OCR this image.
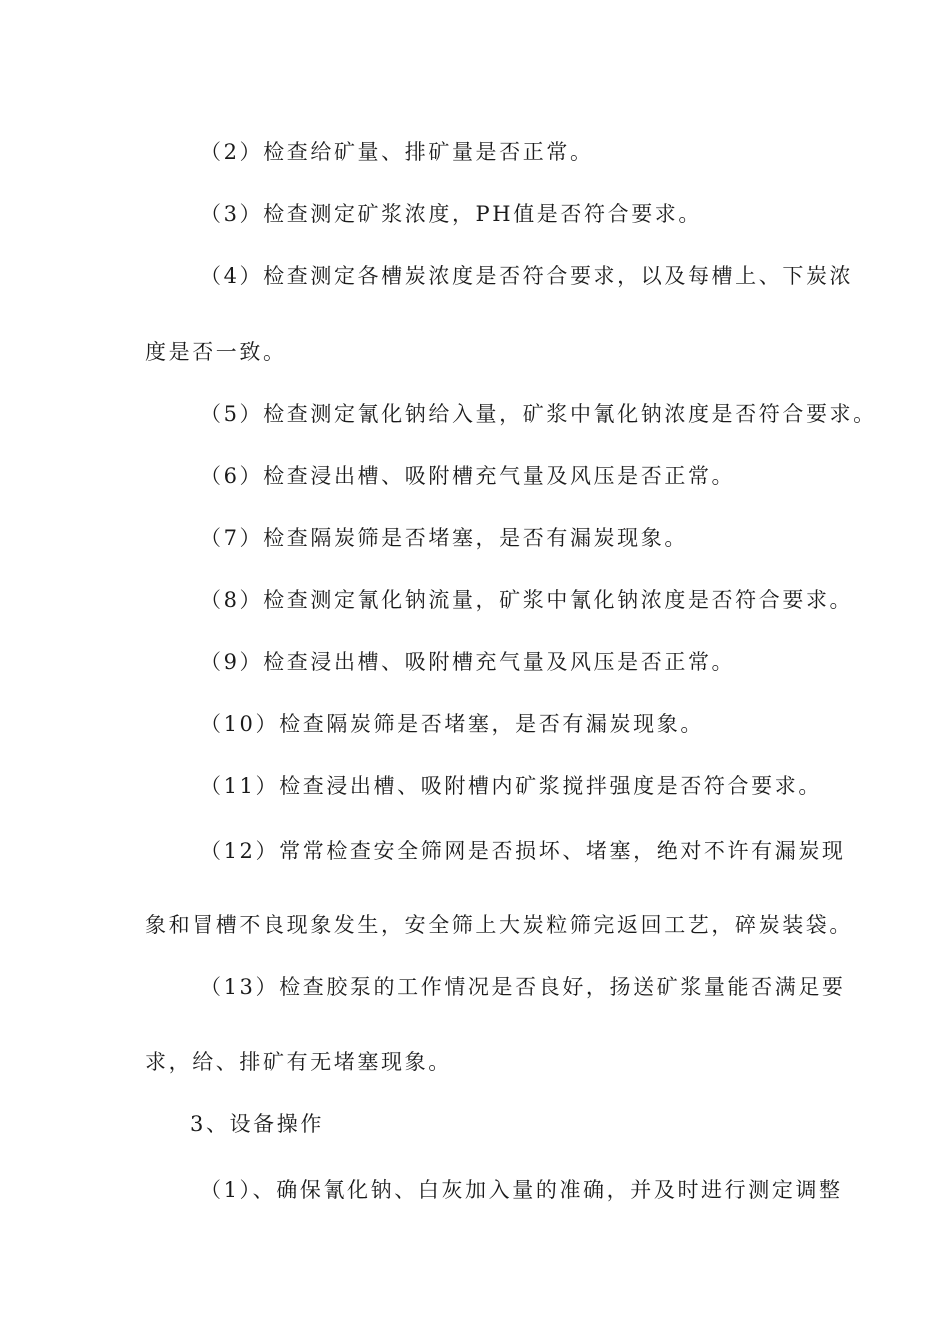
（2）检查给矿量、排矿量是否正常。
（3）检查测定矿浆浓度，PH值是否符合要求。
（4）检查测定各槽炭浓度是否符合要求，以及每槽上、下炭浓
度是否一致。
（5）检查测定氰化钠给入量，矿浆中氰化钠浓度是否符合要求。
（6）检查浸出槽、吸附槽充气量及风压是否正常。
（7）检查隔炭筛是否堵塞，是否有漏炭现象。
（8）检查测定氰化钠流量，矿浆中氰化钠浓度是否符合要求。
（9）检查浸出槽、吸附槽充气量及风压是否正常。
（10）检查隔炭筛是否堵塞，是否有漏炭现象。
（11）检查浸出槽、吸附槽内矿浆搅拌强度是否符合要求。
（12）常常检查安全筛网是否损坏、堵塞，绝对不许有漏炭现
象和冒槽不良现象发生，安全筛上大炭粒筛完返回工艺，碎炭装袋。
（13）检查胶泵的工作情况是否良好，扬送矿浆量能否满足要
求，给、排矿有无堵塞现象。
3、设备操作
（1）、确保氰化钠、白灰加入量的准确，并及时进行测定调整
